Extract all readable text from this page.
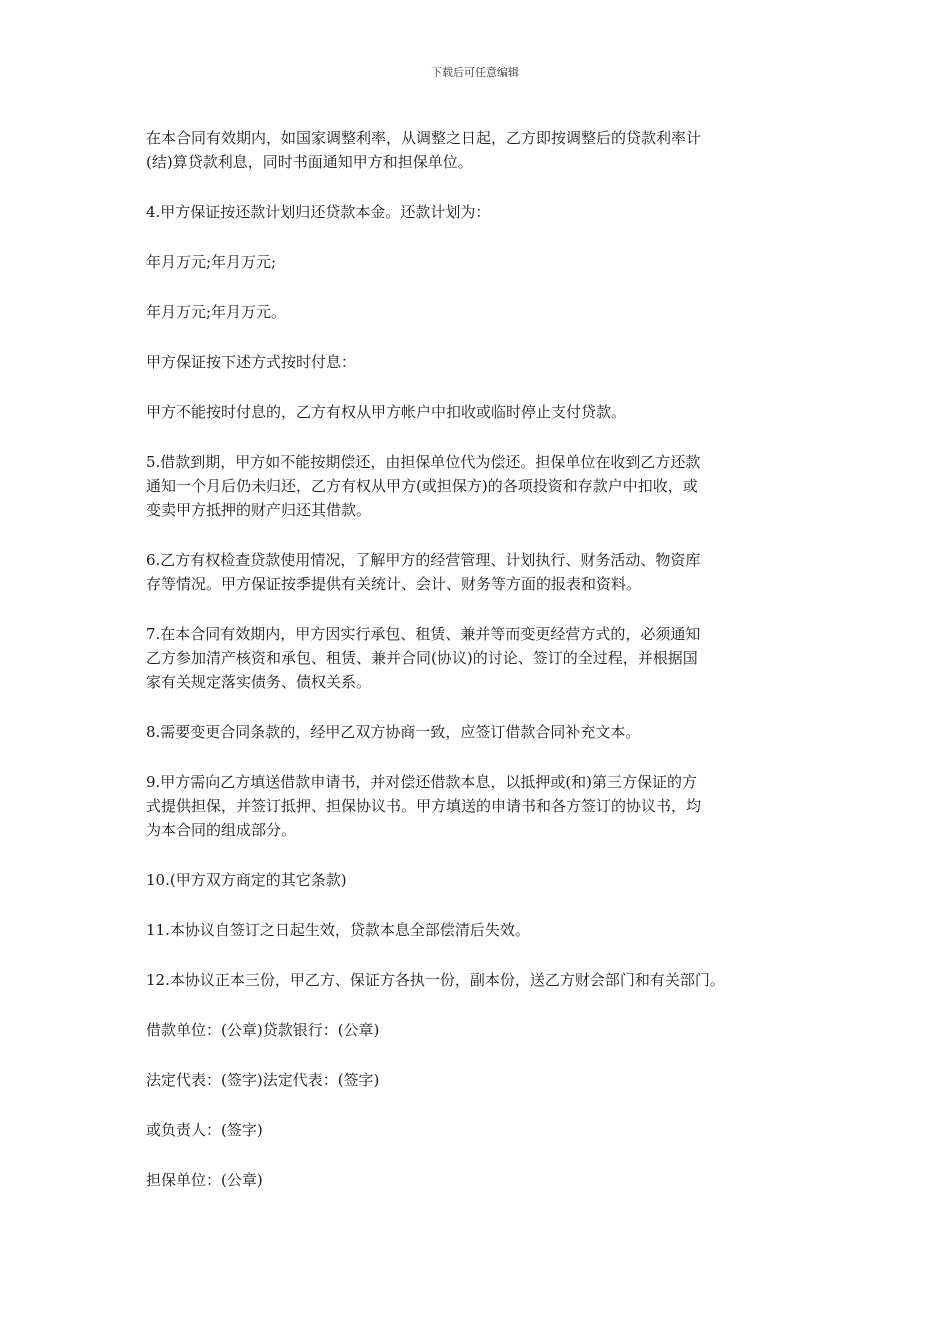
下载后可任意编辑

在本合同有效期内，如国家调整利率，从调整之日起，乙方即按调整后的贷款利率计
(结)算贷款利息，同时书面通知甲方和担保单位。

4.甲方保证按还款计划归还贷款本金。还款计划为：

年月万元;年月万元;

年月万元;年月万元。

甲方保证按下述方式按时付息：

甲方不能按时付息的，乙方有权从甲方帐户中扣收或临时停止支付贷款。

5.借款到期，甲方如不能按期偿还，由担保单位代为偿还。担保单位在收到乙方还款
通知一个月后仍未归还，乙方有权从甲方(或担保方)的各项投资和存款户中扣收，或
变卖甲方抵押的财产归还其借款。

6.乙方有权检查贷款使用情况，了解甲方的经营管理、计划执行、财务活动、物资库
存等情况。甲方保证按季提供有关统计、会计、财务等方面的报表和资料。

7.在本合同有效期内，甲方因实行承包、租赁、兼并等而变更经营方式的，必须通知
乙方参加清产核资和承包、租赁、兼并合同(协议)的讨论、签订的全过程，并根据国
家有关规定落实债务、债权关系。

8.需要变更合同条款的，经甲乙双方协商一致，应签订借款合同补充文本。

9.甲方需向乙方填送借款申请书，并对偿还借款本息，以抵押或(和)第三方保证的方
式提供担保，并签订抵押、担保协议书。甲方填送的申请书和各方签订的协议书，均
为本合同的组成部分。

10.(甲方双方商定的其它条款)

11.本协议自签订之日起生效，贷款本息全部偿清后失效。

12.本协议正本三份，甲乙方、保证方各执一份，副本份，送乙方财会部门和有关部门。

借款单位：(公章)贷款银行：(公章)

法定代表：(签字)法定代表：(签字)

或负责人：(签字)

担保单位：(公章)
